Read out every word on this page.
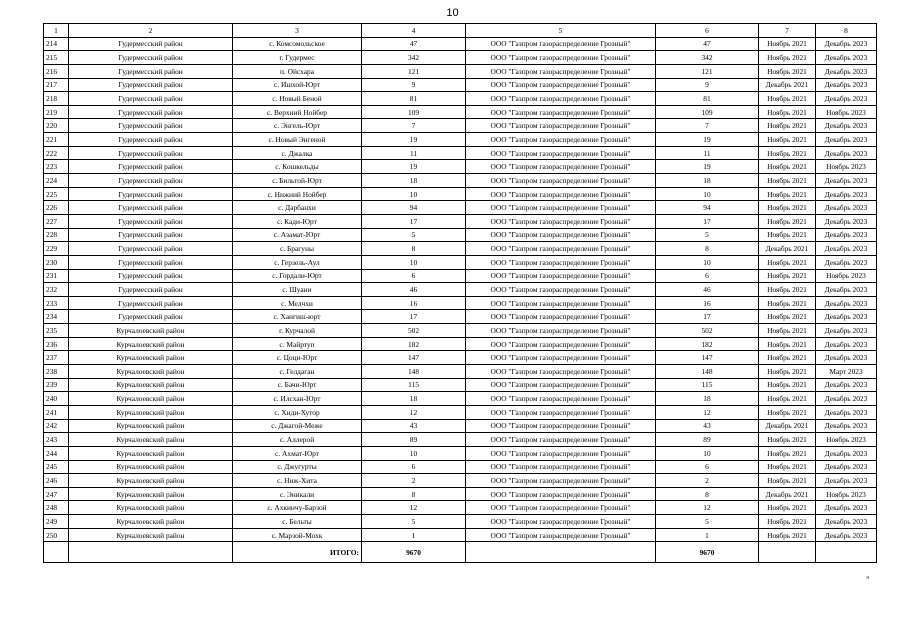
10
1	2	3	4	5	6	7	8
214	Гудермесский район	с. Комсомольское	47	ООО "Газпром газораспределение Грозный"	47	Ноябрь 2021	Декабрь 2023
215	Гудермесский район	г. Гудермес	342	ООО "Газпром газораспределение Грозный"	342	Ноябрь 2021	Декабрь 2023
216	Гудермесский район	п. Ойсхара	121	ООО "Газпром газораспределение Грозный"	121	Ноябрь 2021	Декабрь 2023
217	Гудермесский район	с. Ишхой-Юрт	9	ООО "Газпром газораспределение Грозный"	9	Декабрь 2021	Декабрь 2023
218	Гудермесский район	с. Новый Беной	81	ООО "Газпром газораспределение Грозный"	81	Ноябрь 2021	Декабрь 2023
219	Гудермесский район	с. Верхний Нойбер	109	ООО "Газпром газораспределение Грозный"	109	Ноябрь 2021	Ноябрь 2023
220	Гудермесский район	с. Энгель-Юрт	7	ООО "Газпром газораспределение Грозный"	7	Ноябрь 2021	Декабрь 2023
221	Гудермесский район	с. Новый Энгеной	19	ООО "Газпром газораспределение Грозный"	19	Ноябрь 2021	Декабрь 2023
222	Гудермесский район	с. Джалка	11	ООО "Газпром газораспределение Грозный"	11	Ноябрь 2021	Декабрь 2023
223	Гудермесский район	с. Кошкельды	19	ООО "Газпром газораспределение Грозный"	19	Ноябрь 2021	Ноябрь 2023
224	Гудермесский район	с. Бильтой-Юрт	18	ООО "Газпром газораспределение Грозный"	18	Ноябрь 2021	Декабрь 2023
225	Гудермесский район	с. Нижний Нойбер	10	ООО "Газпром газораспределение Грозный"	10	Ноябрь 2021	Декабрь 2023
226	Гудермесский район	с. Дарбанхи	94	ООО "Газпром газораспределение Грозный"	94	Ноябрь 2021	Декабрь 2023
227	Гудермесский район	с. Кади-Юрт	17	ООО "Газпром газораспределение Грозный"	17	Ноябрь 2021	Декабрь 2023
228	Гудермесский район	с. Азамат-Юрт	5	ООО "Газпром газораспределение Грозный"	5	Ноябрь 2021	Декабрь 2023
229	Гудермесский район	с. Брагуны	8	ООО "Газпром газораспределение Грозный"	8	Декабрь 2021	Декабрь 2023
230	Гудермесский район	с. Герзель-Аул	10	ООО "Газпром газораспределение Грозный"	10	Ноябрь 2021	Декабрь 2023
231	Гудермесский район	с. Гордали-Юрт	6	ООО "Газпром газораспределение Грозный"	6	Ноябрь 2021	Ноябрь 2023
232	Гудермесский район	с. Шуани	46	ООО "Газпром газораспределение Грозный"	46	Ноябрь 2021	Декабрь 2023
233	Гудермесский район	с. Мелчхи	16	ООО "Газпром газораспределение Грозный"	16	Ноябрь 2021	Декабрь 2023
234	Гудермесский район	с. Хангиш-юрт	17	ООО "Газпром газораспределение Грозный"	17	Ноябрь 2021	Декабрь 2023
235	Курчалоевский район	г. Курчалой	502	ООО "Газпром газораспределение Грозный"	502	Ноябрь 2021	Декабрь 2023
236	Курчалоевский район	с. Майртуп	182	ООО "Газпром газораспределение Грозный"	182	Ноябрь 2021	Декабрь 2023
237	Курчалоевский район	с. Цоци-Юрт	147	ООО "Газпром газораспределение Грозный"	147	Ноябрь 2021	Декабрь 2023
238	Курчалоевский район	с. Гелдаган	148	ООО "Газпром газораспределение Грозный"	148	Ноябрь 2021	Март 2023
239	Курчалоевский район	с. Бачи-Юрт	115	ООО "Газпром газораспределение Грозный"	115	Ноябрь 2021	Декабрь 2023
240	Курчалоевский район	с. Илсхан-Юрт	18	ООО "Газпром газораспределение Грозный"	18	Ноябрь 2021	Декабрь 2023
241	Курчалоевский район	с. Хиди-Хутор	12	ООО "Газпром газораспределение Грозный"	12	Ноябрь 2021	Декабрь 2023
242	Курчалоевский район	с. Джагой-Меже	43	ООО "Газпром газораспределение Грозный"	43	Декабрь 2021	Декабрь 2023
243	Курчалоевский район	с. Аллерой	89	ООО "Газпром газораспределение Грозный"	89	Ноябрь 2021	Ноябрь 2023
244	Курчалоевский район	с. Ахмат-Юрт	10	ООО "Газпром газораспределение Грозный"	10	Ноябрь 2021	Декабрь 2023
245	Курчалоевский район	с. Джугурты	6	ООО "Газпром газораспределение Грозный"	6	Ноябрь 2021	Декабрь 2023
246	Курчалоевский район	с. Ниж-Хита	2	ООО "Газпром газораспределение Грозный"	2	Ноябрь 2021	Декабрь 2023
247	Курчалоевский район	с. Эникали	8	ООО "Газпром газораспределение Грозный"	8	Декабрь 2021	Ноябрь 2023
248	Курчалоевский район	с. Ахкинчу-Барзой	12	ООО "Газпром газораспределение Грозный"	12	Ноябрь 2021	Декабрь 2023
249	Курчалоевский район	с. Бельты	5	ООО "Газпром газораспределение Грозный"	5	Ноябрь 2021	Декабрь 2023
250	Курчалоевский район	с. Марзой-Мохк	1	ООО "Газпром газораспределение Грозный"	1	Ноябрь 2021	Декабрь 2023
		ИТОГО:	9670		9670		
"
